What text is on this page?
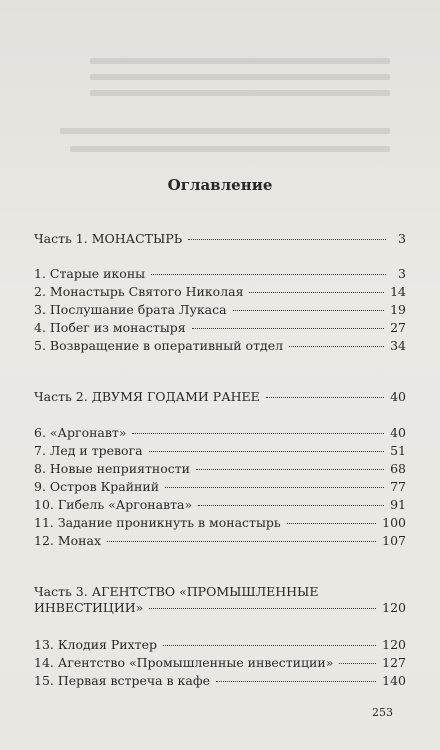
Оглавление
Часть 1. МОНАСТЫРЬ	3
1. Старые иконы	3
2. Монастырь Святого Николая	14
3. Послушание брата Лукаса	19
4. Побег из монастыря	27
5. Возвращение в оперативный отдел	34
Часть 2. ДВУМЯ ГОДАМИ РАНЕЕ	40
6. «Аргонавт»	40
7. Лед и тревога	51
8. Новые неприятности	68
9. Остров Крайний	77
10. Гибель «Аргонавта»	91
11. Задание проникнуть в монастырь	100
12. Монах	107
Часть 3. АГЕНТСТВО «ПРОМЫШЛЕННЫЕ
ИНВЕСТИЦИИ»	120
13. Клодия Рихтер	120
14. Агентство «Промышленные инвестиции»	127
15. Первая встреча в кафе	140
253
